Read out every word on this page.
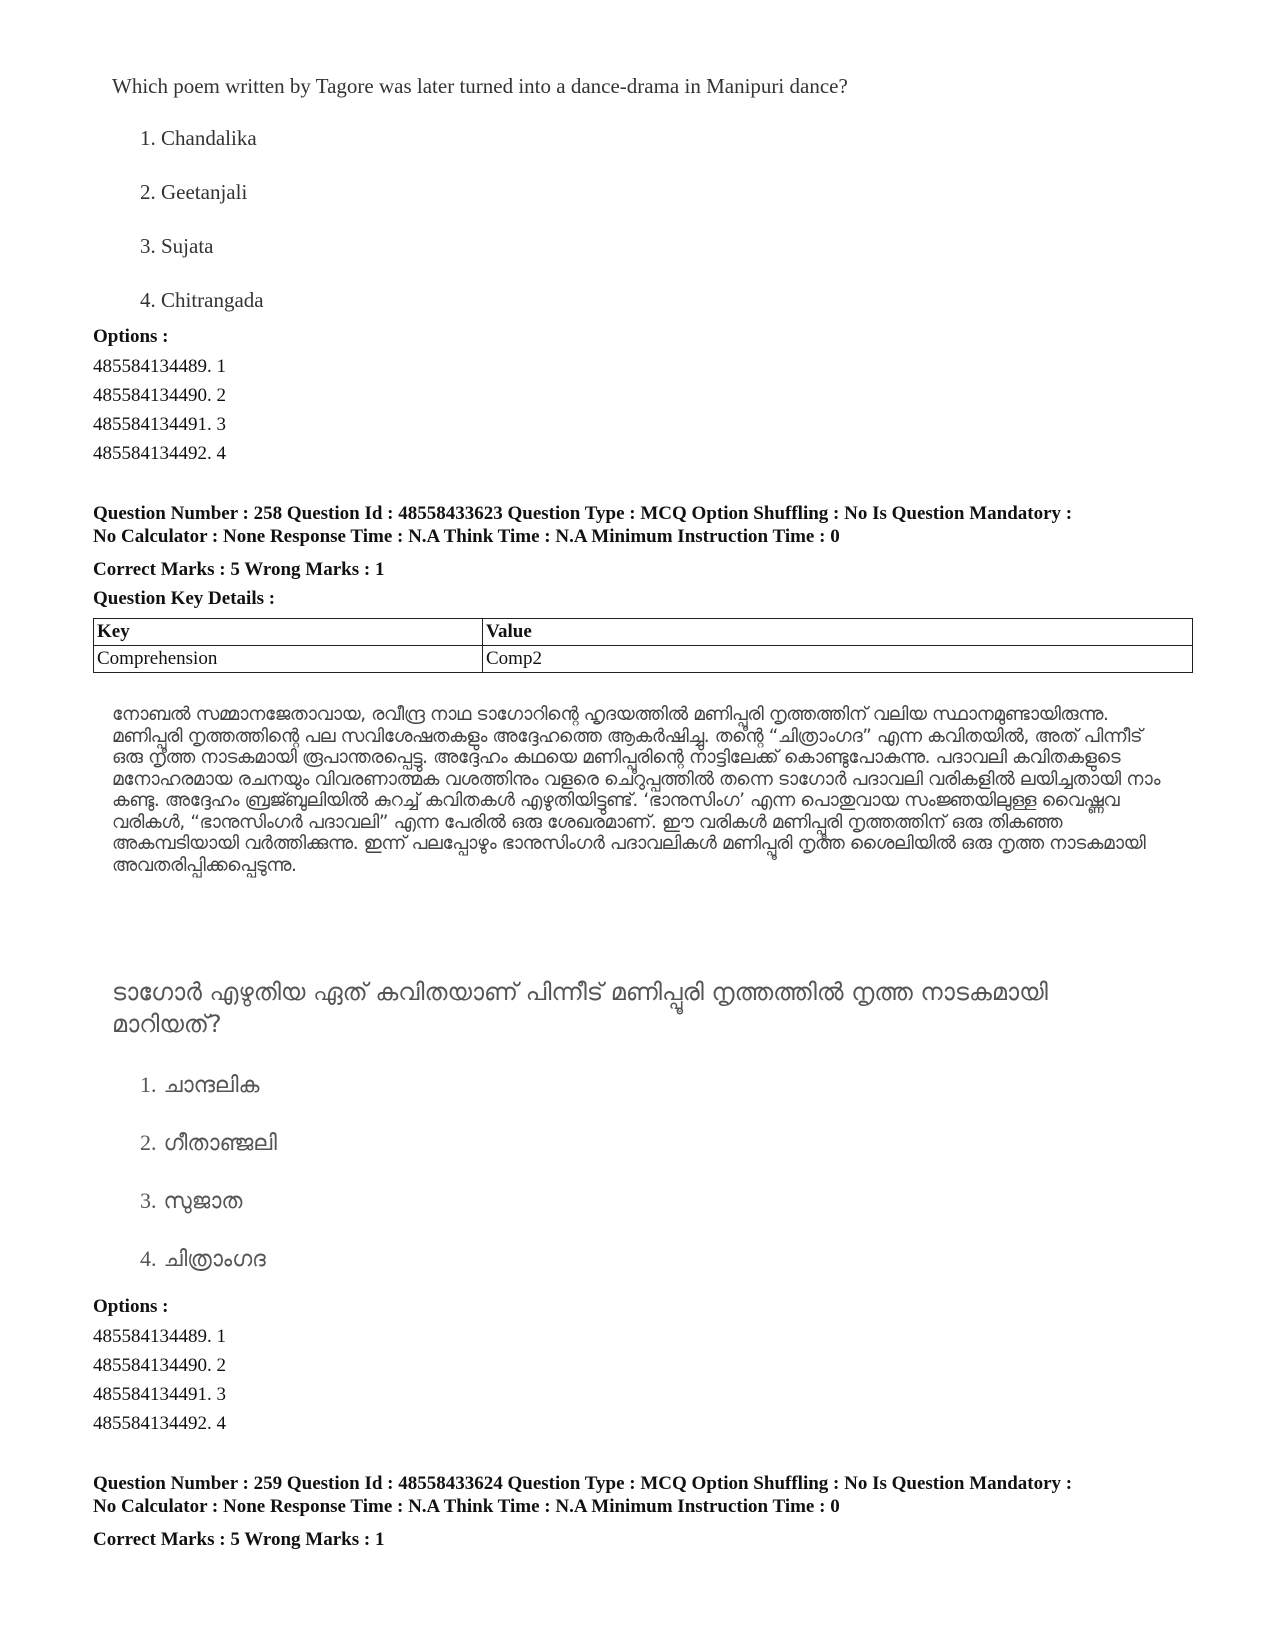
Which poem written by Tagore was later turned into a dance-drama in Manipuri dance?
1. Chandalika
2. Geetanjali
3. Sujata
4. Chitrangada
Options :
485584134489. 1
485584134490. 2
485584134491. 3
485584134492. 4
Question Number : 258 Question Id : 48558433623 Question Type : MCQ Option Shuffling : No Is Question Mandatory :
No Calculator : None Response Time : N.A Think Time : N.A Minimum Instruction Time : 0
Correct Marks : 5 Wrong Marks : 1
Question Key Details :
Key	Value
Comprehension	Comp2
നോബൽ സമ്മാനജേതാവായ, രവീന്ദ്ര നാഥ ടാഗോറിന്റെ ഹൃദയത്തിൽ മണിപ്പൂരി നൃത്തത്തിന് വലിയ സ്ഥാനമുണ്ടായിരുന്നു. മണിപ്പൂരി നൃത്തത്തിന്റെ പല സവിശേഷതകളും അദ്ദേഹത്തെ ആകർഷിച്ചു. തന്റെ “ചിത്രാംഗദ” എന്ന കവിതയിൽ, അത് പിന്നീട് ഒരു നൃത്ത നാടകമായി രൂപാന്തരപ്പെട്ടു. അദ്ദേഹം കഥയെ മണിപ്പൂരിന്റെ നാട്ടിലേക്ക് കൊണ്ടുപോകുന്നു. പദാവലി കവിതകളുടെ മനോഹരമായ രചനയും വിവരണാത്മക വശത്തിനും വളരെ ചെറുപ്പത്തിൽ തന്നെ ടാഗോർ പദാവലി വരികളിൽ ലയിച്ചതായി നാം കണ്ടു. അദ്ദേഹം ബ്രജ്ബുലിയിൽ കുറച്ച് കവിതകൾ എഴുതിയിട്ടുണ്ട്. ‘ഭാനുസിംഗ’ എന്ന പൊതുവായ സംജ്ഞയിലുള്ള വൈഷ്ണവ വരികൾ, “ഭാനുസിംഗർ പദാവലി” എന്ന പേരിൽ ഒരു ശേഖരമാണ്. ഈ വരികൾ മണിപ്പൂരി നൃത്തത്തിന് ഒരു തികഞ്ഞ അകമ്പടിയായി വർത്തിക്കുന്നു. ഇന്ന് പലപ്പോഴും ഭാനുസിംഗർ പദാവലികൾ മണിപ്പൂരി നൃത്ത ശൈലിയിൽ ഒരു നൃത്ത നാടകമായി അവതരിപ്പിക്കപ്പെടുന്നു.
ടാഗോർ എഴുതിയ ഏത് കവിതയാണ് പിന്നീട് മണിപ്പൂരി നൃത്തത്തിൽ നൃത്ത നാടകമായി മാറിയത്?
1. ചാന്ദലിക
2. ഗീതാഞ്ജലി
3. സുജാത
4. ചിത്രാംഗദ
Options :
485584134489. 1
485584134490. 2
485584134491. 3
485584134492. 4
Question Number : 259 Question Id : 48558433624 Question Type : MCQ Option Shuffling : No Is Question Mandatory :
No Calculator : None Response Time : N.A Think Time : N.A Minimum Instruction Time : 0
Correct Marks : 5 Wrong Marks : 1
